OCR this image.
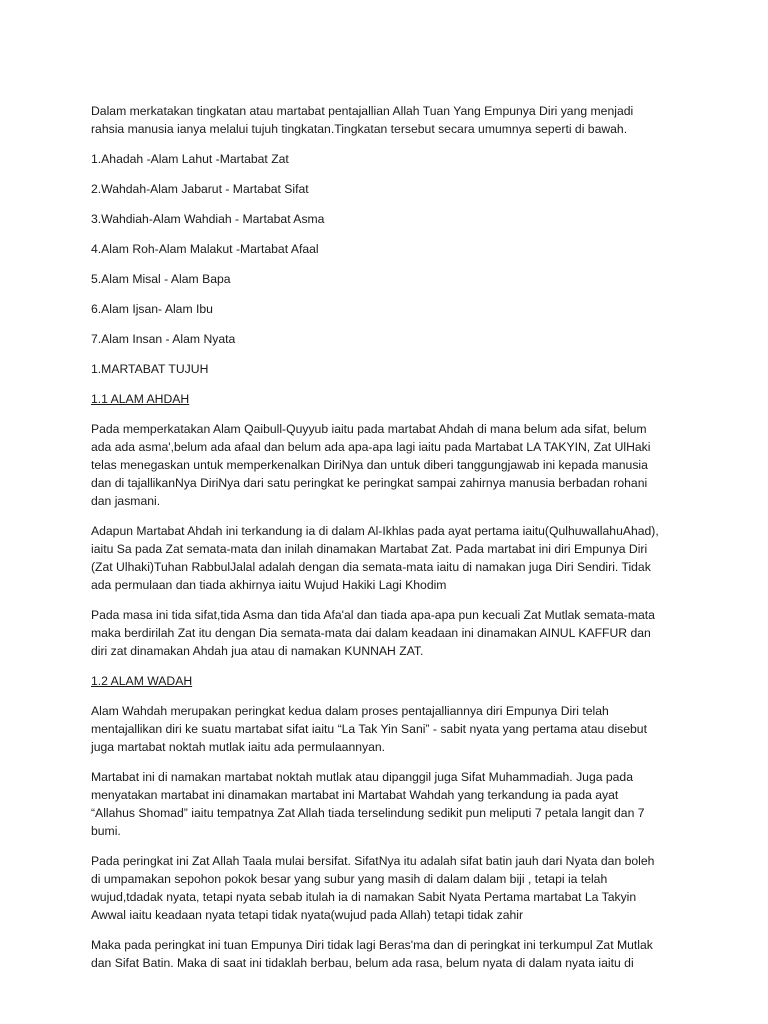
Dalam merkatakan tingkatan atau martabat pentajallian Allah Tuan Yang Empunya Diri yang menjadi
rahsia manusia ianya melalui tujuh tingkatan.Tingkatan tersebut secara umumnya seperti di bawah.

1.Ahadah -Alam Lahut -Martabat Zat

2.Wahdah-Alam Jabarut - Martabat Sifat

3.Wahdiah-Alam Wahdiah - Martabat Asma

4.Alam Roh-Alam Malakut -Martabat Afaal

5.Alam Misal - Alam Bapa

6.Alam Ijsan- Alam Ibu

7.Alam Insan - Alam Nyata

1.MARTABAT TUJUH

1.1 ALAM AHDAH

Pada memperkatakan Alam Qaibull-Quyyub iaitu pada martabat Ahdah di mana belum ada sifat, belum
ada ada asma',belum ada afaal dan belum ada apa-apa lagi iaitu pada Martabat LA TAKYIN, Zat UlHaki
telas menegaskan untuk memperkenalkan DiriNya dan untuk diberi tanggungjawab ini kepada manusia
dan di tajallikanNya DiriNya dari satu peringkat ke peringkat sampai zahirnya manusia berbadan rohani
dan jasmani.

Adapun Martabat Ahdah ini terkandung ia di dalam Al-Ikhlas pada ayat pertama iaitu(QulhuwallahuAhad),
iaitu Sa pada Zat semata-mata dan inilah dinamakan Martabat Zat. Pada martabat ini diri Empunya Diri
(Zat Ulhaki)Tuhan RabbulJalal adalah dengan dia semata-mata iaitu di namakan juga Diri Sendiri. Tidak
ada permulaan dan tiada akhirnya iaitu Wujud Hakiki Lagi Khodim

Pada masa ini tida sifat,tida Asma dan tida Afa'al dan tiada apa-apa pun kecuali Zat Mutlak semata-mata
maka berdirilah Zat itu dengan Dia semata-mata dai dalam keadaan ini dinamakan AINUL KAFFUR dan
diri zat dinamakan Ahdah jua atau di namakan KUNNAH ZAT.

1.2 ALAM WADAH

Alam Wahdah merupakan peringkat kedua dalam proses pentajalliannya diri Empunya Diri telah
mentajallikan diri ke suatu martabat sifat iaitu “La Tak Yin Sani” - sabit nyata yang pertama atau disebut
juga martabat noktah mutlak iaitu ada permulaannyan.

Martabat ini di namakan martabat noktah mutlak atau dipanggil juga Sifat Muhammadiah. Juga pada
menyatakan martabat ini dinamakan martabat ini Martabat Wahdah yang terkandung ia pada ayat
“Allahus Shomad” iaitu tempatnya Zat Allah tiada terselindung sedikit pun meliputi 7 petala langit dan 7
bumi.

Pada peringkat ini Zat Allah Taala mulai bersifat. SifatNya itu adalah sifat batin jauh dari Nyata dan boleh
di umpamakan sepohon pokok besar yang subur yang masih di dalam dalam biji , tetapi ia telah
wujud,tdadak nyata, tetapi nyata sebab itulah ia di namakan Sabit Nyata Pertama martabat La Takyin
Awwal iaitu keadaan nyata tetapi tidak nyata(wujud pada Allah) tetapi tidak zahir

Maka pada peringkat ini tuan Empunya Diri tidak lagi Beras'ma dan di peringkat ini terkumpul Zat Mutlak
dan Sifat Batin. Maka di saat ini tidaklah berbau, belum ada rasa, belum nyata di dalam nyata iaitu di
